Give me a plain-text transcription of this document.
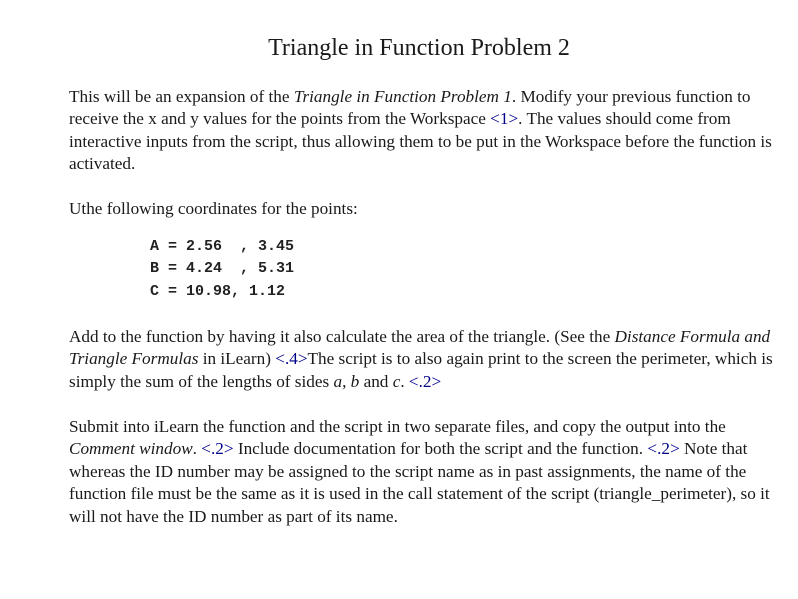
Triangle in Function Problem 2

This will be an expansion of the Triangle in Function Problem 1. Modify your previous function to receive the x and y values for the points from the Workspace <1>. The values should come from interactive inputs from the script, thus allowing them to be put in the Workspace before the function is activated.

Uthe following coordinates for the points:

A = 2.56  , 3.45
B = 4.24  , 5.31
C = 10.98, 1.12

Add to the function by having it also calculate the area of the triangle. (See the Distance Formula and Triangle Formulas in iLearn) <.4>The script is to also again print to the screen the perimeter, which is simply the sum of the lengths of sides a, b and c. <.2>

Submit into iLearn the function and the script in two separate files, and copy the output into the Comment window. <.2> Include documentation for both the script and the function. <.2> Note that whereas the ID number may be assigned to the script name as in past assignments, the name of the function file must be the same as it is used in the call statement of the script (triangle_perimeter), so it will not have the ID number as part of its name.
